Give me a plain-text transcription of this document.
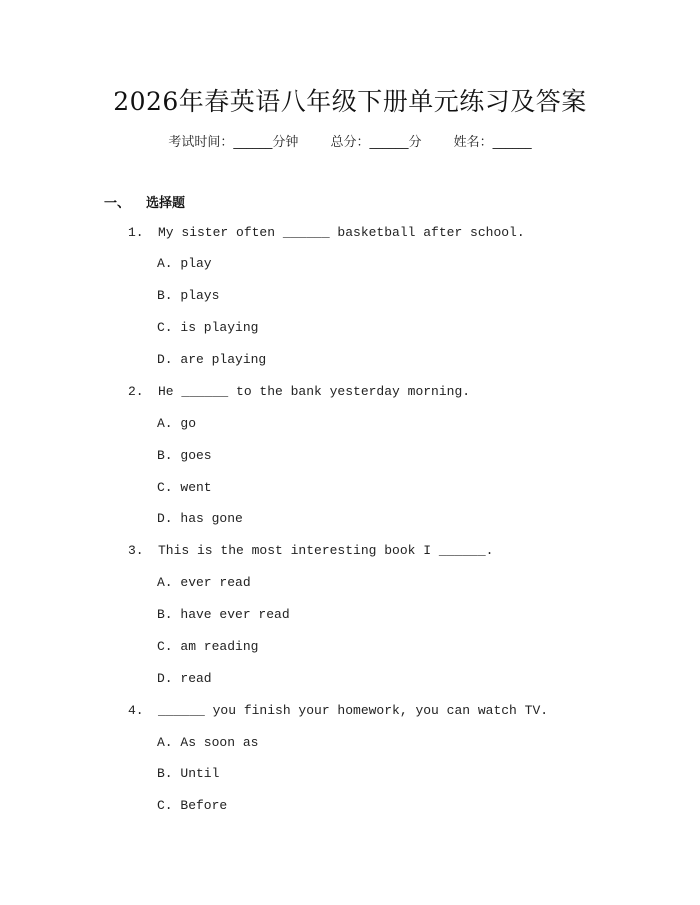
2026年春英语八年级下册单元练习及答案
考试时间：______分钟 总分：______分 姓名：______
一、 选择题
1. My sister often ______ basketball after school.
A. play
B. plays
C. is playing
D. are playing
2. He ______ to the bank yesterday morning.
A. go
B. goes
C. went
D. has gone
3. This is the most interesting book I ______.
A. ever read
B. have ever read
C. am reading
D. read
4. ______ you finish your homework, you can watch TV.
A. As soon as
B. Until
C. Before
